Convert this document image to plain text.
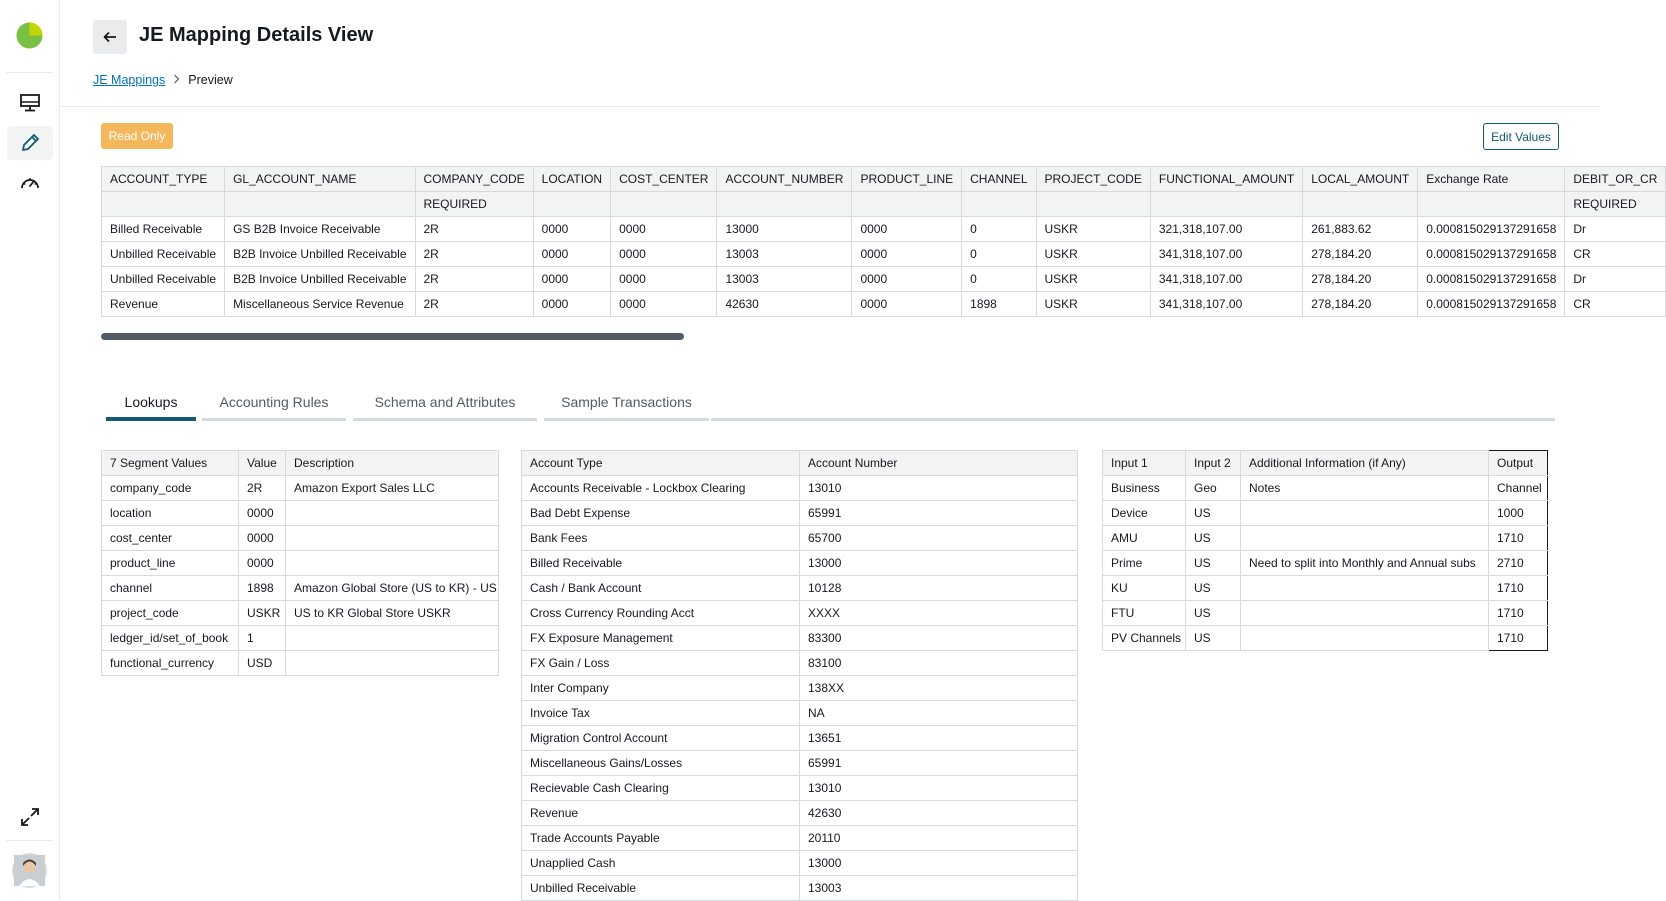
JE Mapping Details View
JE Mappings Preview
Read Only	Edit Values
ACCOUNT_TYPE	GL_ACCOUNT_NAME	COMPANY_CODE	LOCATION	COST_CENTER	ACCOUNT_NUMBER	PRODUCT_LINE	CHANNEL	PROJECT_CODE	FUNCTIONAL_AMOUNT	LOCAL_AMOUNT	Exchange Rate	DEBIT_OR_CR
		REQUIRED										REQUIRED
Billed Receivable	GS B2B Invoice Receivable	2R	0000	0000	13000	0000	0	USKR	321,318,107.00	261,883.62	0.000815029137291658	Dr
Unbilled Receivable	B2B Invoice Unbilled Receivable	2R	0000	0000	13003	0000	0	USKR	341,318,107.00	278,184.20	0.000815029137291658	CR
Unbilled Receivable	B2B Invoice Unbilled Receivable	2R	0000	0000	13003	0000	0	USKR	341,318,107.00	278,184.20	0.000815029137291658	Dr
Revenue	Miscellaneous Service Revenue	2R	0000	0000	42630	0000	1898	USKR	341,318,107.00	278,184.20	0.000815029137291658	CR
Lookups	Accounting Rules	Schema and Attributes	Sample Transactions
7 Segment Values	Value	Description
company_code	2R	Amazon Export Sales LLC
location	0000	
cost_center	0000	
product_line	0000	
channel	1898	Amazon Global Store (US to KR) - US
project_code	USKR	US to KR Global Store USKR
ledger_id/set_of_book	1	
functional_currency	USD	
Account Type	Account Number
Accounts Receivable - Lockbox Clearing	13010
Bad Debt Expense	65991
Bank Fees	65700
Billed Receivable	13000
Cash / Bank Account	10128
Cross Currency Rounding Acct	XXXX
FX Exposure Management	83300
FX Gain / Loss	83100
Inter Company	138XX
Invoice Tax	NA
Migration Control Account	13651
Miscellaneous Gains/Losses	65991
Recievable Cash Clearing	13010
Revenue	42630
Trade Accounts Payable	20110
Unapplied Cash	13000
Unbilled Receivable	13003
Input 1	Input 2	Additional Information (if Any)	Output
Business	Geo	Notes	Channel
Device	US		1000
AMU	US		1710
Prime	US	Need to split into Monthly and Annual subs	2710
KU	US		1710
FTU	US		1710
PV Channels	US		1710
